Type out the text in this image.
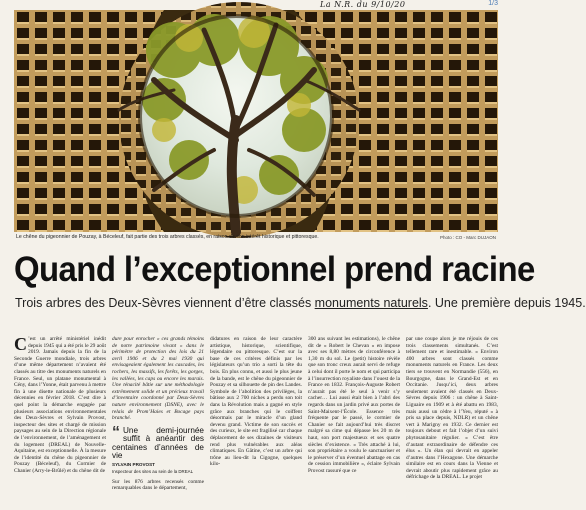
La N.R. du 9/10/20	1/3
Le chêne du pigeonnier de Pouzay, à Béceleuf, fait partie des trois arbres classés, en raison de son intérêt historique et pittoresque.	Photo : CO - Marc DUJAON
Quand l’exceptionnel prend racine
Trois arbres des Deux-Sèvres viennent d’être classés monuments naturels. Une première depuis 1945.

C ’est un arrêté ministériel inédit depuis 1945 qui a été pris le 29 août 2019. Jamais depuis la fin de la Seconde Guerre mondiale, trois arbres d’une même département n’avaient été classés au titre des monuments naturels en France. Seul, un platane monumental à Cény, dans l’Yonne, était parvenu à mettre fin à une disette nationale de plusieurs décennies en février 2018. C’est dire à quel point la démarche engagée par plusieurs associations environnementales des Deux-Sèvres et Sylvain Provost, inspecteur des sites et chargé de mission paysages au sein de la Direction régionale de l’environnement, de l’aménagement et du logement (DREAL) de Nouvelle-Aquitaine, est exceptionnelle. À la mesure de l’identité du chêne du pigeonnier de Pouzay (Béceleuf), du Cormier de Chanier (Arry-le-Brûlé) et du chêne dit de

dure pour enrocher « ces grands témoins de notre patrimoine vivant » dans le périmètre de protection des lois du 21 avril 1906 et du 2 mai 1930 qui envisageaient également les cascades, les rochers, les massifs, les forêts, les gorges, les vallées, les caps ou encore les marais. Une ténacité bâtie sur une méthodologie extrêmement solide et un précieux travail d’inventaire coordonné par Deux-Sèvres nature environnement (DSNE), avec le relais de Prom’Haies et Bocage pays branché.

“ Une demi-journée suffit à anéantir des centaines d’années de vie
SYLVAIN PROVOST
Inspecteur des sites au sein de la DREAL

Sur les 876 arbres recensés comme remarquables dans le département,

didatures en raison de leur caractère artistique, historique, scientifique, légendaire ou pittoresque. C’est sur la base de ces critères définis par les législateurs qu’un trio a sorti la tête du bois. En plus connu, et aussi le plus jeune de la bande, est le chêne du pigeonnier de Pouzay et sa silhouette de pin des Landes. Symbole de l’abolition des privilèges, la bâtisse aux 2 700 niches a perdu son toit dans la Révolution mais a gagné en style grâce aux branches qui le coiffent désormais par le miracle d’un gland devenu grand. Victime de son succès et des curieux, le site est fragilisé car chaque déplacement de ses dizaines de visiteurs rend plus vulnérables aux aléas climatiques. En Gâtine, c’est un arbre qui trône au lieu-dit la Cigogne, quelques kilo-

300 ans suivant les estimations), le chêne dit de « Robert le Chevan » en impose avec ses 8,80 mètres de circonférence à 1,30 m du sol. Le (petit) histoire révèle que son tronc creux aurait servi de refuge à celui dont il porte le nom et qui participa à l’insurrection royaliste dans l’ouest de la France en 1832. François-Auguste Robert n’aurait pas été le seul à venir s’y cacher… Lui aussi était bien à l’abri des regards dans un jardin privé aux portes de Saint-Maixent-l’École. Essence très fréquente par le passé, le cormier de Chanier se fait aujourd’hui très discret malgré sa cime qui dépasse les 20 m de haut, son port majestueux et ses quatre siècles d’existence. « Très attaché à lui, son propriétaire a voulu le sanctuariser et le préserver d’un éventuel abattage en cas de cession immobilière », éclaire Sylvain Provost rassuré que ce

par une coupe alors je me réjouis de ces trois classements simultanés. C’est tellement rare et inestimable. » Environ 400 arbres sont classés comme monuments naturels en France. Les deux tiers se trouvent en Normandie (556), en Bourgogne, dans le Grand-Est et en Occitanie. Jusqu’ici, deux arbres seulement avaient été classés en Deux-Sèvres depuis 1906 : un chêne à Saint-Liguaire en 1909 et à été abattu en 1983, mais aussi un cèdre à l’Yeu, réputé « à pris sa place depuis, NDLR) et un chêne vert à Marigny en 1932. Ce dernier est toujours debout et fait l’objet d’un suivi phytosanitaire régulier. « C’est être d’autant extraordinaire de défendre ces élus ». Un élan qui devrait en appeler d’autres dans l’Hexagone. Une démarche similaire est en cours dans la Vienne et devrait aboutir plus rapidement grâce au défrichage de la DREAL. Le projet
